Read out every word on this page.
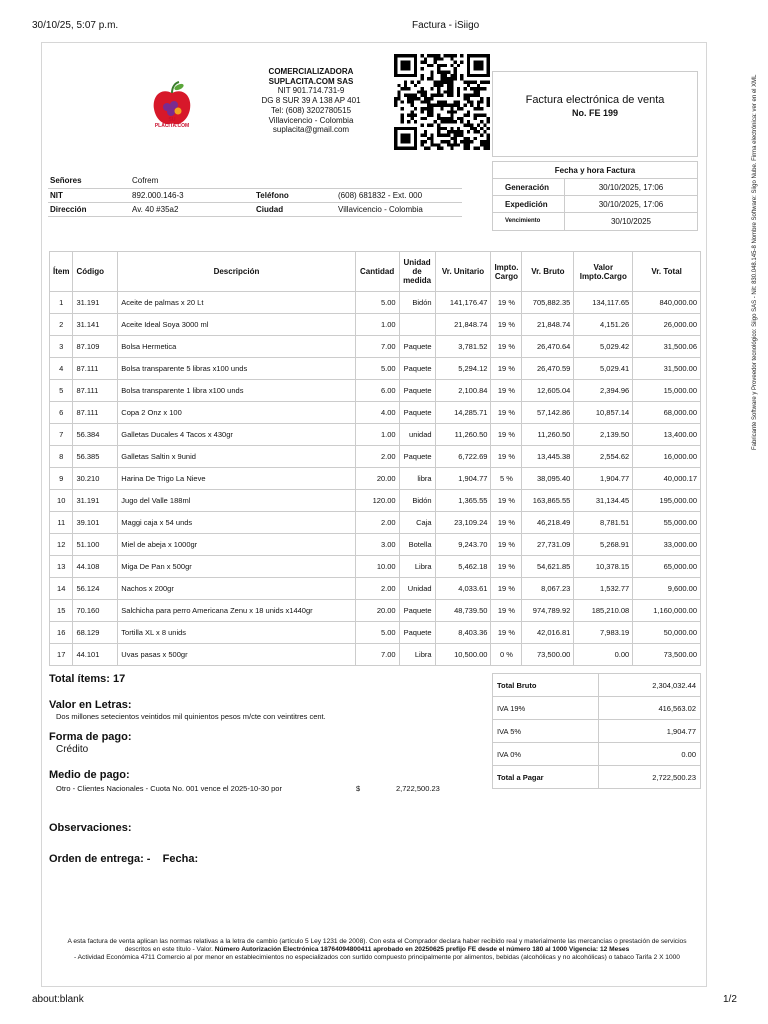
30/10/25, 5:07 p.m.	Factura - iSiigo
SU
PLACITA.COM
COMERCIALIZADORA
SUPLACITA.COM SAS
NIT 901.714.731-9
DG 8 SUR 39 A 138 AP 401
Tel: (608) 3202780515
Villavicencio - Colombia
suplacita@gmail.com
Factura electrónica de venta
No. FE 199
Señores	Cofrem		
NIT	892.000.146-3	Teléfono	(608) 681832 - Ext. 000
Dirección	Av. 40 #35a2	Ciudad	Villavicencio - Colombia
Fecha y hora Factura
Generación	30/10/2025, 17:06
Expedición	30/10/2025, 17:06
Vencimiento	30/10/2025
Ítem	Código	Descripción	Cantidad	Unidad de medida	Vr. Unitario	Impto. Cargo	Vr. Bruto	Valor Impto.Cargo	Vr. Total
1	31.191	Aceite de palmas x 20 Lt	5.00	Bidón	141,176.47	19 %	705,882.35	134,117.65	840,000.00
2	31.141	Aceite Ideal Soya 3000 ml	1.00		21,848.74	19 %	21,848.74	4,151.26	26,000.00
3	87.109	Bolsa Hermetica	7.00	Paquete	3,781.52	19 %	26,470.64	5,029.42	31,500.06
4	87.111	Bolsa transparente 5 libras x100 unds	5.00	Paquete	5,294.12	19 %	26,470.59	5,029.41	31,500.00
5	87.111	Bolsa transparente 1 libra x100 unds	6.00	Paquete	2,100.84	19 %	12,605.04	2,394.96	15,000.00
6	87.111	Copa 2 Onz x 100	4.00	Paquete	14,285.71	19 %	57,142.86	10,857.14	68,000.00
7	56.384	Galletas Ducales 4 Tacos x 430gr	1.00	unidad	11,260.50	19 %	11,260.50	2,139.50	13,400.00
8	56.385	Galletas Saltin x 9unid	2.00	Paquete	6,722.69	19 %	13,445.38	2,554.62	16,000.00
9	30.210	Harina De Trigo La Nieve	20.00	libra	1,904.77	5 %	38,095.40	1,904.77	40,000.17
10	31.191	Jugo del Valle 188ml	120.00	Bidón	1,365.55	19 %	163,865.55	31,134.45	195,000.00
11	39.101	Maggi caja x 54 unds	2.00	Caja	23,109.24	19 %	46,218.49	8,781.51	55,000.00
12	51.100	Miel de abeja x 1000gr	3.00	Botella	9,243.70	19 %	27,731.09	5,268.91	33,000.00
13	44.108	Miga De Pan x 500gr	10.00	Libra	5,462.18	19 %	54,621.85	10,378.15	65,000.00
14	56.124	Nachos x 200gr	2.00	Unidad	4,033.61	19 %	8,067.23	1,532.77	9,600.00
15	70.160	Salchicha para perro Americana Zenu x 18 unids x1440gr	20.00	Paquete	48,739.50	19 %	974,789.92	185,210.08	1,160,000.00
16	68.129	Tortilla XL x 8 unids	5.00	Paquete	8,403.36	19 %	42,016.81	7,983.19	50,000.00
17	44.101	Uvas pasas x 500gr	7.00	Libra	10,500.00	0 %	73,500.00	0.00	73,500.00
Total ítems: 17
Valor en Letras:
Dos millones setecientos veintidos mil quinientos pesos m/cte con veintitres cent.
Forma de pago:
Crédito
Medio de pago:
Otro - Clientes Nacionales - Cuota No. 001 vence el 2025-10-30 por	$	2,722,500.23
Observaciones:
Orden de entrega: -    Fecha:
Total Bruto	2,304,032.44
IVA 19%	416,563.02
IVA 5%	1,904.77
IVA 0%	0.00
Total a Pagar	2,722,500.23
A esta factura de venta aplican las normas relativas a la letra de cambio (artículo 5 Ley 1231 de 2008). Con esta el Comprador declara haber recibido real y materialmente las mercancías o prestación de servicios descritos en este título - Valor. Número Autorización Electrónica 18764094800411 aprobado en 20250625 prefijo FE desde el número 180 al 1000 Vigencia: 12 Meses
- Actividad Económica 4711 Comercio al por menor en establecimientos no especializados con surtido compuesto principalmente por alimentos, bebidas (alcohólicas y no alcohólicas) o tabaco Tarifa 2 X 1000
Fabricante Software y Proveedor tecnológico: Siigo SAS - Nit: 830.048.145-8 Nombre Software: Siigo Nube. Firma electrónica: ver en el XML
about:blank	1/2
